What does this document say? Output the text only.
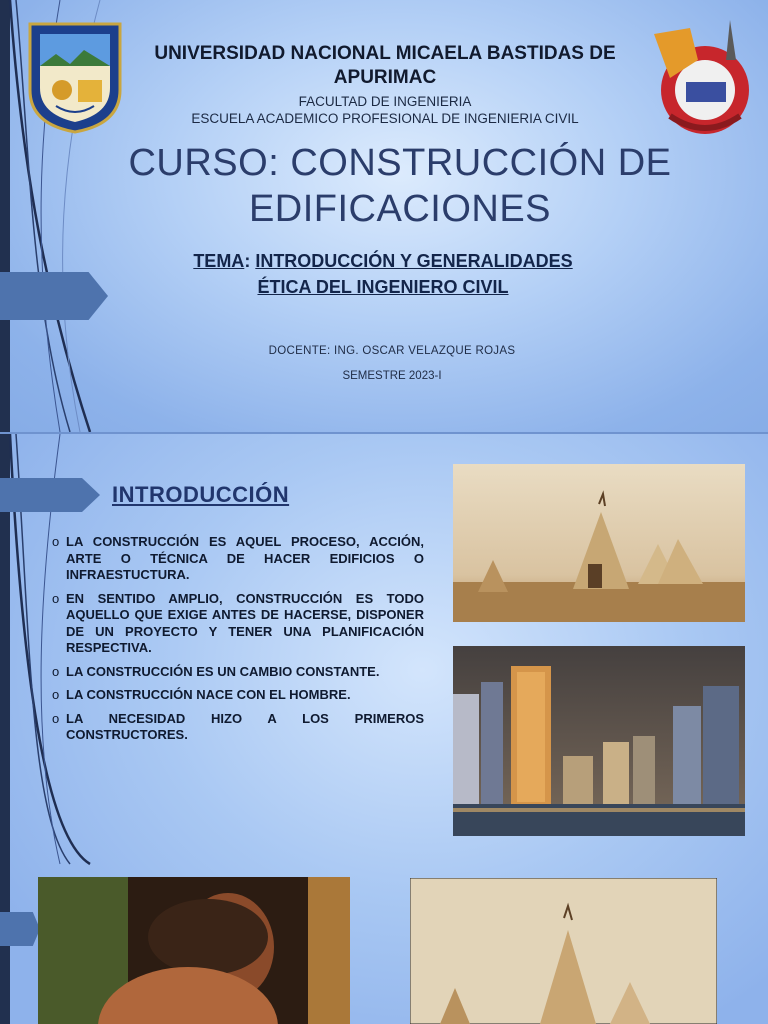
UNIVERSIDAD NACIONAL MICAELA BASTIDAS DE APURIMAC
FACULTAD DE INGENIERIA
ESCUELA ACADEMICO PROFESIONAL DE INGENIERIA CIVIL
CURSO: CONSTRUCCIÓN DE
EDIFICACIONES
TEMA: INTRODUCCIÓN Y GENERALIDADES
ÉTICA DEL INGENIERO CIVIL
DOCENTE: ING. OSCAR VELAZQUE ROJAS
SEMESTRE 2023-I
INTRODUCCIÓN
o LA CONSTRUCCIÓN ES AQUEL PROCESO, ACCIÓN, ARTE O TÉCNICA DE HACER EDIFICIOS O INFRAESTUCTURA.
o EN SENTIDO AMPLIO, CONSTRUCCIÓN ES TODO AQUELLO QUE EXIGE ANTES DE HACERSE, DISPONER DE UN PROYECTO Y TENER UNA PLANIFICACIÓN RESPECTIVA.
o LA CONSTRUCCIÓN ES UN CAMBIO CONSTANTE.
o LA CONSTRUCCIÓN NACE CON EL HOMBRE.
o LA NECESIDAD HIZO A LOS PRIMEROS CONSTRUCTORES.
